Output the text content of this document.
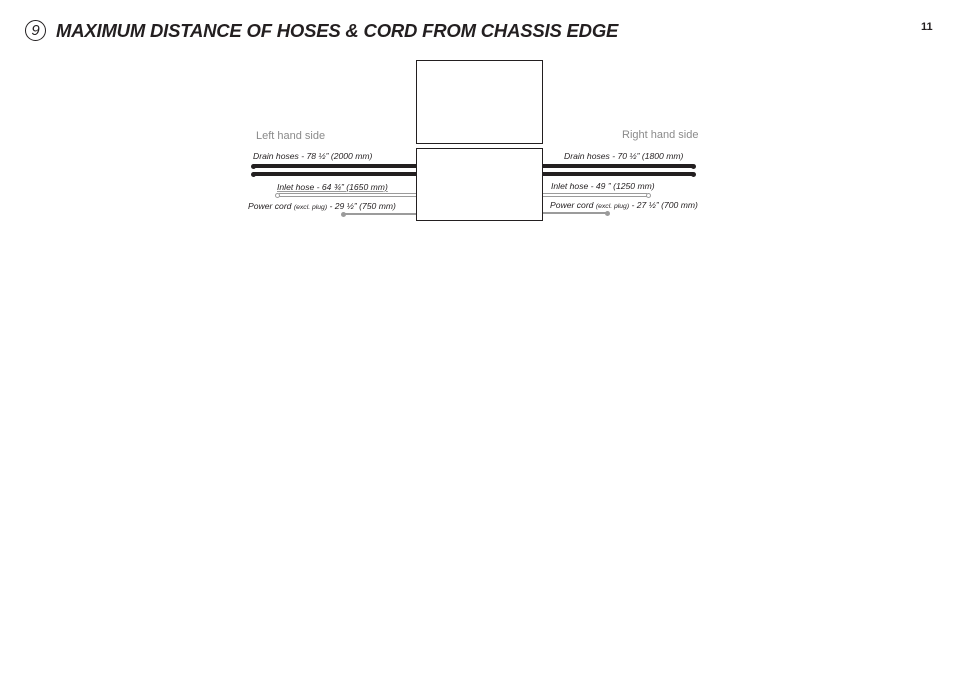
9 MAXIMUM DISTANCE OF HOSES & CORD FROM CHASSIS EDGE	11
Left hand side	Right hand side
Drain hoses - 78 ½” (2000 mm)
Inlet hose - 64 ¾” (1650 mm)
Power cord (excl. plug) - 29 ½” (750 mm)
Drain hoses - 70 ½” (1800 mm)
Inlet hose - 49 ” (1250 mm)
Power cord (excl. plug) - 27 ½” (700 mm)
